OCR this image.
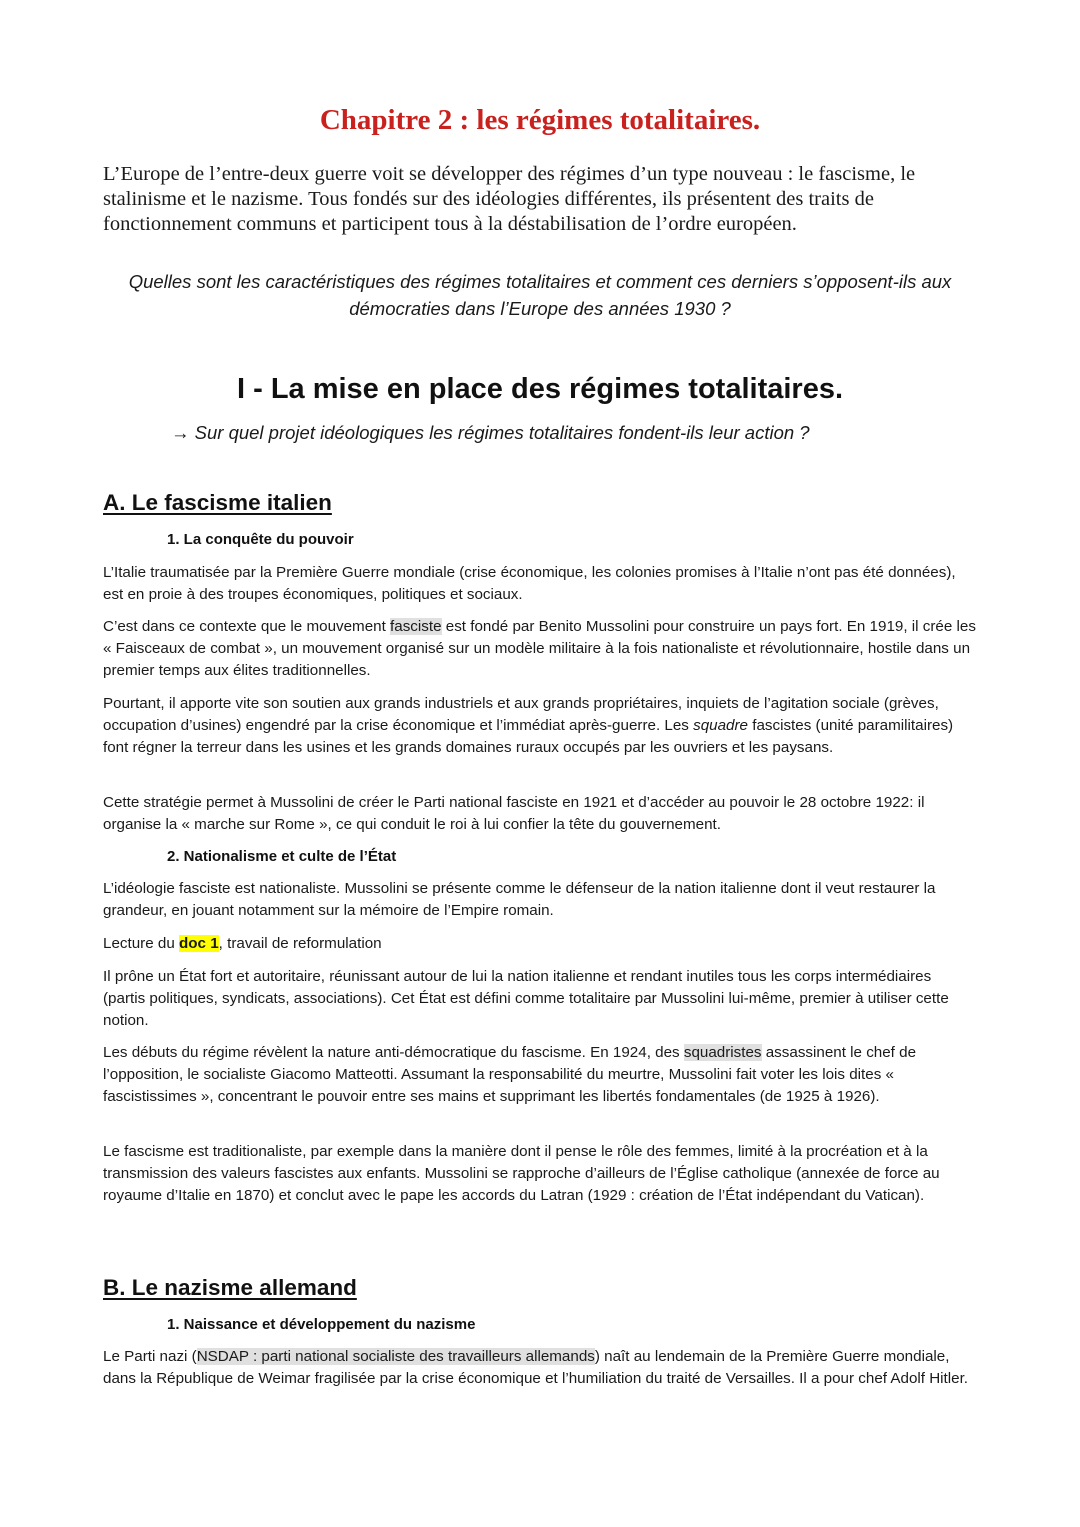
Chapitre 2 : les régimes totalitaires.
L’Europe de l’entre-deux guerre voit se développer des régimes d’un type nouveau : le fascisme, le stalinisme et le nazisme. Tous fondés sur des idéologies différentes, ils présentent des traits de fonctionnement communs et participent tous à la déstabilisation de l’ordre européen.
Quelles sont les caractéristiques des régimes totalitaires et comment ces derniers s’opposent-ils aux
démocraties dans l’Europe des années 1930 ?
I - La mise en place des régimes totalitaires.
→ Sur quel projet idéologiques les régimes totalitaires fondent-ils leur action ?
A. Le fascisme italien
1. La conquête du pouvoir
L’Italie traumatisée par la Première Guerre mondiale (crise économique, les colonies promises à l’Italie n’ont pas été données), est en proie à des troupes économiques, politiques et sociaux.
C’est dans ce contexte que le mouvement fasciste est fondé par Benito Mussolini pour construire un pays fort. En 1919, il crée les « Faisceaux de combat », un mouvement organisé sur un modèle militaire à la fois nationaliste et révolutionnaire, hostile dans un premier temps aux élites traditionnelles.
Pourtant, il apporte vite son soutien aux grands industriels et aux grands propriétaires, inquiets de l’agitation sociale (grèves, occupation d’usines) engendré par la crise économique et l’immédiat après-guerre. Les squadre fascistes (unité paramilitaires) font régner la terreur dans les usines et les grands domaines ruraux occupés par les ouvriers et les paysans.
Cette stratégie permet à Mussolini de créer le Parti national fasciste en 1921 et d’accéder au pouvoir le 28 octobre 1922: il organise la « marche sur Rome », ce qui conduit le roi à lui confier la tête du gouvernement.
2. Nationalisme et culte de l’État
L’idéologie fasciste est nationaliste. Mussolini se présente comme le défenseur de la nation italienne dont il veut restaurer la grandeur, en jouant notamment sur la mémoire de l’Empire romain.
Lecture du doc 1, travail de reformulation
Il prône un État fort et autoritaire, réunissant autour de lui la nation italienne et rendant inutiles tous les corps intermédiaires (partis politiques, syndicats, associations). Cet État est défini comme totalitaire par Mussolini lui-même, premier à utiliser cette notion.
Les débuts du régime révèlent la nature anti-démocratique du fascisme. En 1924, des squadristes assassinent le chef de l’opposition, le socialiste Giacomo Matteotti. Assumant la responsabilité du meurtre, Mussolini fait voter les lois dites « fascistissimes », concentrant le pouvoir entre ses mains et supprimant les libertés fondamentales (de 1925 à 1926).
Le fascisme est traditionaliste, par exemple dans la manière dont il pense le rôle des femmes, limité à la procréation et à la transmission des valeurs fascistes aux enfants. Mussolini se rapproche d’ailleurs de l’Église catholique (annexée de force au royaume d’Italie en 1870) et conclut avec le pape les accords du Latran (1929 : création de l’État indépendant du Vatican).
B. Le nazisme allemand
1. Naissance et développement du nazisme
Le Parti nazi (NSDAP : parti national socialiste des travailleurs allemands) naît au lendemain de la Première Guerre mondiale, dans la République de Weimar fragilisée par la crise économique et l’humiliation du traité de Versailles. Il a pour chef Adolf Hitler.
